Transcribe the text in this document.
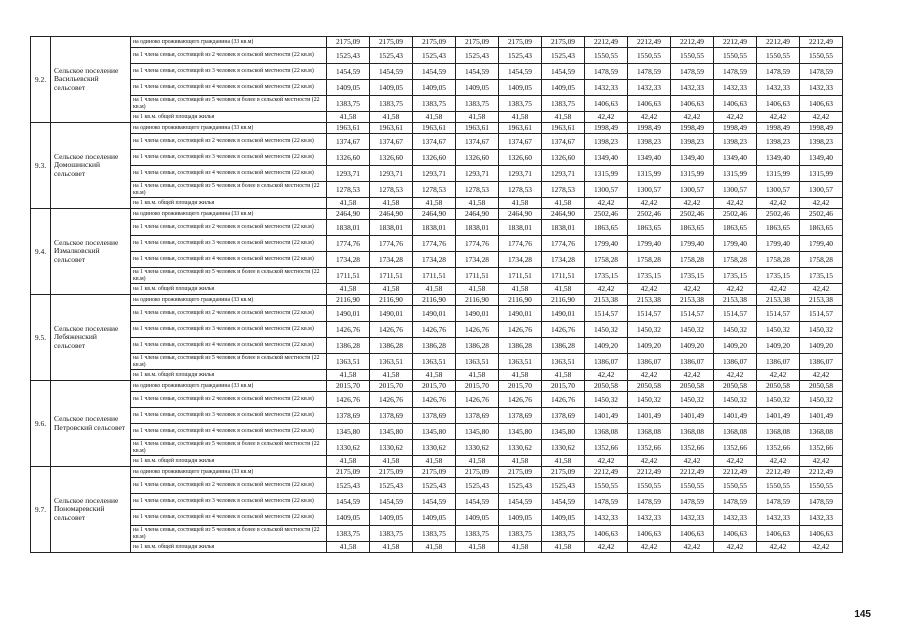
9.2.	Сельское поселение Васильевский сельсовет	на одиноко проживающего гражданина (33 кв.м)	2175,09	2175,09	2175,09	2175,09	2175,09	2175,09	2212,49	2212,49	2212,49	2212,49	2212,49	2212,49
		на 1 члена семьи, состоящей из 2 человек в сельской местности (22 кв.м)	1525,43	1525,43	1525,43	1525,43	1525,43	1525,43	1550,55	1550,55	1550,55	1550,55	1550,55	1550,55
		на 1 члена семьи, состоящей из 3 человек в сельской местности (22 кв.м)	1454,59	1454,59	1454,59	1454,59	1454,59	1454,59	1478,59	1478,59	1478,59	1478,59	1478,59	1478,59
		на 1 члена семьи, состоящей из 4 человек в сельской местности (22 кв.м)	1409,05	1409,05	1409,05	1409,05	1409,05	1409,05	1432,33	1432,33	1432,33	1432,33	1432,33	1432,33
		на 1 члена семьи, состоящей из 5 человек и более в сельской местности (22 кв.м)	1383,75	1383,75	1383,75	1383,75	1383,75	1383,75	1406,63	1406,63	1406,63	1406,63	1406,63	1406,63
		на 1 кв.м. общей площади жилья	41,58	41,58	41,58	41,58	41,58	41,58	42,42	42,42	42,42	42,42	42,42	42,42
9.3.	Сельское поселение Домошинский сельсовет	на одиноко проживающего гражданина (33 кв.м)	1963,61	1963,61	1963,61	1963,61	1963,61	1963,61	1998,49	1998,49	1998,49	1998,49	1998,49	1998,49
		на 1 члена семьи, состоящей из 2 человек в сельской местности (22 кв.м)	1374,67	1374,67	1374,67	1374,67	1374,67	1374,67	1398,23	1398,23	1398,23	1398,23	1398,23	1398,23
		на 1 члена семьи, состоящей из 3 человек в сельской местности (22 кв.м)	1326,60	1326,60	1326,60	1326,60	1326,60	1326,60	1349,40	1349,40	1349,40	1349,40	1349,40	1349,40
		на 1 члена семьи, состоящей из 4 человек в сельской местности (22 кв.м)	1293,71	1293,71	1293,71	1293,71	1293,71	1293,71	1315,99	1315,99	1315,99	1315,99	1315,99	1315,99
		на 1 члена семьи, состоящей из 5 человек и более в сельской местности (22 кв.м)	1278,53	1278,53	1278,53	1278,53	1278,53	1278,53	1300,57	1300,57	1300,57	1300,57	1300,57	1300,57
		на 1 кв.м. общей площади жилья	41,58	41,58	41,58	41,58	41,58	41,58	42,42	42,42	42,42	42,42	42,42	42,42
9.4.	Сельское поселение Измалковский сельсовет	на одиноко проживающего гражданина (33 кв.м)	2464,90	2464,90	2464,90	2464,90	2464,90	2464,90	2502,46	2502,46	2502,46	2502,46	2502,46	2502,46
		на 1 члена семьи, состоящей из 2 человек в сельской местности (22 кв.м)	1838,01	1838,01	1838,01	1838,01	1838,01	1838,01	1863,65	1863,65	1863,65	1863,65	1863,65	1863,65
		на 1 члена семьи, состоящей из 3 человек в сельской местности (22 кв.м)	1774,76	1774,76	1774,76	1774,76	1774,76	1774,76	1799,40	1799,40	1799,40	1799,40	1799,40	1799,40
		на 1 члена семьи, состоящей из 4 человек в сельской местности (22 кв.м)	1734,28	1734,28	1734,28	1734,28	1734,28	1734,28	1758,28	1758,28	1758,28	1758,28	1758,28	1758,28
		на 1 члена семьи, состоящей из 5 человек и более в сельской местности (22 кв.м)	1711,51	1711,51	1711,51	1711,51	1711,51	1711,51	1735,15	1735,15	1735,15	1735,15	1735,15	1735,15
		на 1 кв.м. общей площади жилья	41,58	41,58	41,58	41,58	41,58	41,58	42,42	42,42	42,42	42,42	42,42	42,42
9.5.	Сельское поселение Лебяженский сельсовет	на одиноко проживающего гражданина (33 кв.м)	2116,90	2116,90	2116,90	2116,90	2116,90	2116,90	2153,38	2153,38	2153,38	2153,38	2153,38	2153,38
		на 1 члена семьи, состоящей из 2 человек в сельской местности (22 кв.м)	1490,01	1490,01	1490,01	1490,01	1490,01	1490,01	1514,57	1514,57	1514,57	1514,57	1514,57	1514,57
		на 1 члена семьи, состоящей из 3 человек в сельской местности (22 кв.м)	1426,76	1426,76	1426,76	1426,76	1426,76	1426,76	1450,32	1450,32	1450,32	1450,32	1450,32	1450,32
		на 1 члена семьи, состоящей из 4 человек в сельской местности (22 кв.м)	1386,28	1386,28	1386,28	1386,28	1386,28	1386,28	1409,20	1409,20	1409,20	1409,20	1409,20	1409,20
		на 1 члена семьи, состоящей из 5 человек и более в сельской местности (22 кв.м)	1363,51	1363,51	1363,51	1363,51	1363,51	1363,51	1386,07	1386,07	1386,07	1386,07	1386,07	1386,07
		на 1 кв.м. общей площади жилья	41,58	41,58	41,58	41,58	41,58	41,58	42,42	42,42	42,42	42,42	42,42	42,42
9.6.	Сельское поселение Петровский сельсовет	на одиноко проживающего гражданина (33 кв.м)	2015,70	2015,70	2015,70	2015,70	2015,70	2015,70	2050,58	2050,58	2050,58	2050,58	2050,58	2050,58
		на 1 члена семьи, состоящей из 2 человек в сельской местности (22 кв.м)	1426,76	1426,76	1426,76	1426,76	1426,76	1426,76	1450,32	1450,32	1450,32	1450,32	1450,32	1450,32
		на 1 члена семьи, состоящей из 3 человек в сельской местности (22 кв.м)	1378,69	1378,69	1378,69	1378,69	1378,69	1378,69	1401,49	1401,49	1401,49	1401,49	1401,49	1401,49
		на 1 члена семьи, состоящей из 4 человек в сельской местности (22 кв.м)	1345,80	1345,80	1345,80	1345,80	1345,80	1345,80	1368,08	1368,08	1368,08	1368,08	1368,08	1368,08
		на 1 члена семьи, состоящей из 5 человек и более в сельской местности (22 кв.м)	1330,62	1330,62	1330,62	1330,62	1330,62	1330,62	1352,66	1352,66	1352,66	1352,66	1352,66	1352,66
		на 1 кв.м. общей площади жилья	41,58	41,58	41,58	41,58	41,58	41,58	42,42	42,42	42,42	42,42	42,42	42,42
9.7.	Сельское поселение Пономаревский сельсовет	на одиноко проживающего гражданина (33 кв.м)	2175,09	2175,09	2175,09	2175,09	2175,09	2175,09	2212,49	2212,49	2212,49	2212,49	2212,49	2212,49
		на 1 члена семьи, состоящей из 2 человек в сельской местности (22 кв.м)	1525,43	1525,43	1525,43	1525,43	1525,43	1525,43	1550,55	1550,55	1550,55	1550,55	1550,55	1550,55
		на 1 члена семьи, состоящей из 3 человек в сельской местности (22 кв.м)	1454,59	1454,59	1454,59	1454,59	1454,59	1454,59	1478,59	1478,59	1478,59	1478,59	1478,59	1478,59
		на 1 члена семьи, состоящей из 4 человек в сельской местности (22 кв.м)	1409,05	1409,05	1409,05	1409,05	1409,05	1409,05	1432,33	1432,33	1432,33	1432,33	1432,33	1432,33
		на 1 члена семьи, состоящей из 5 человек и более в сельской местности (22 кв.м)	1383,75	1383,75	1383,75	1383,75	1383,75	1383,75	1406,63	1406,63	1406,63	1406,63	1406,63	1406,63
		на 1 кв.м. общей площади жилья	41,58	41,58	41,58	41,58	41,58	41,58	42,42	42,42	42,42	42,42	42,42	42,42
145
